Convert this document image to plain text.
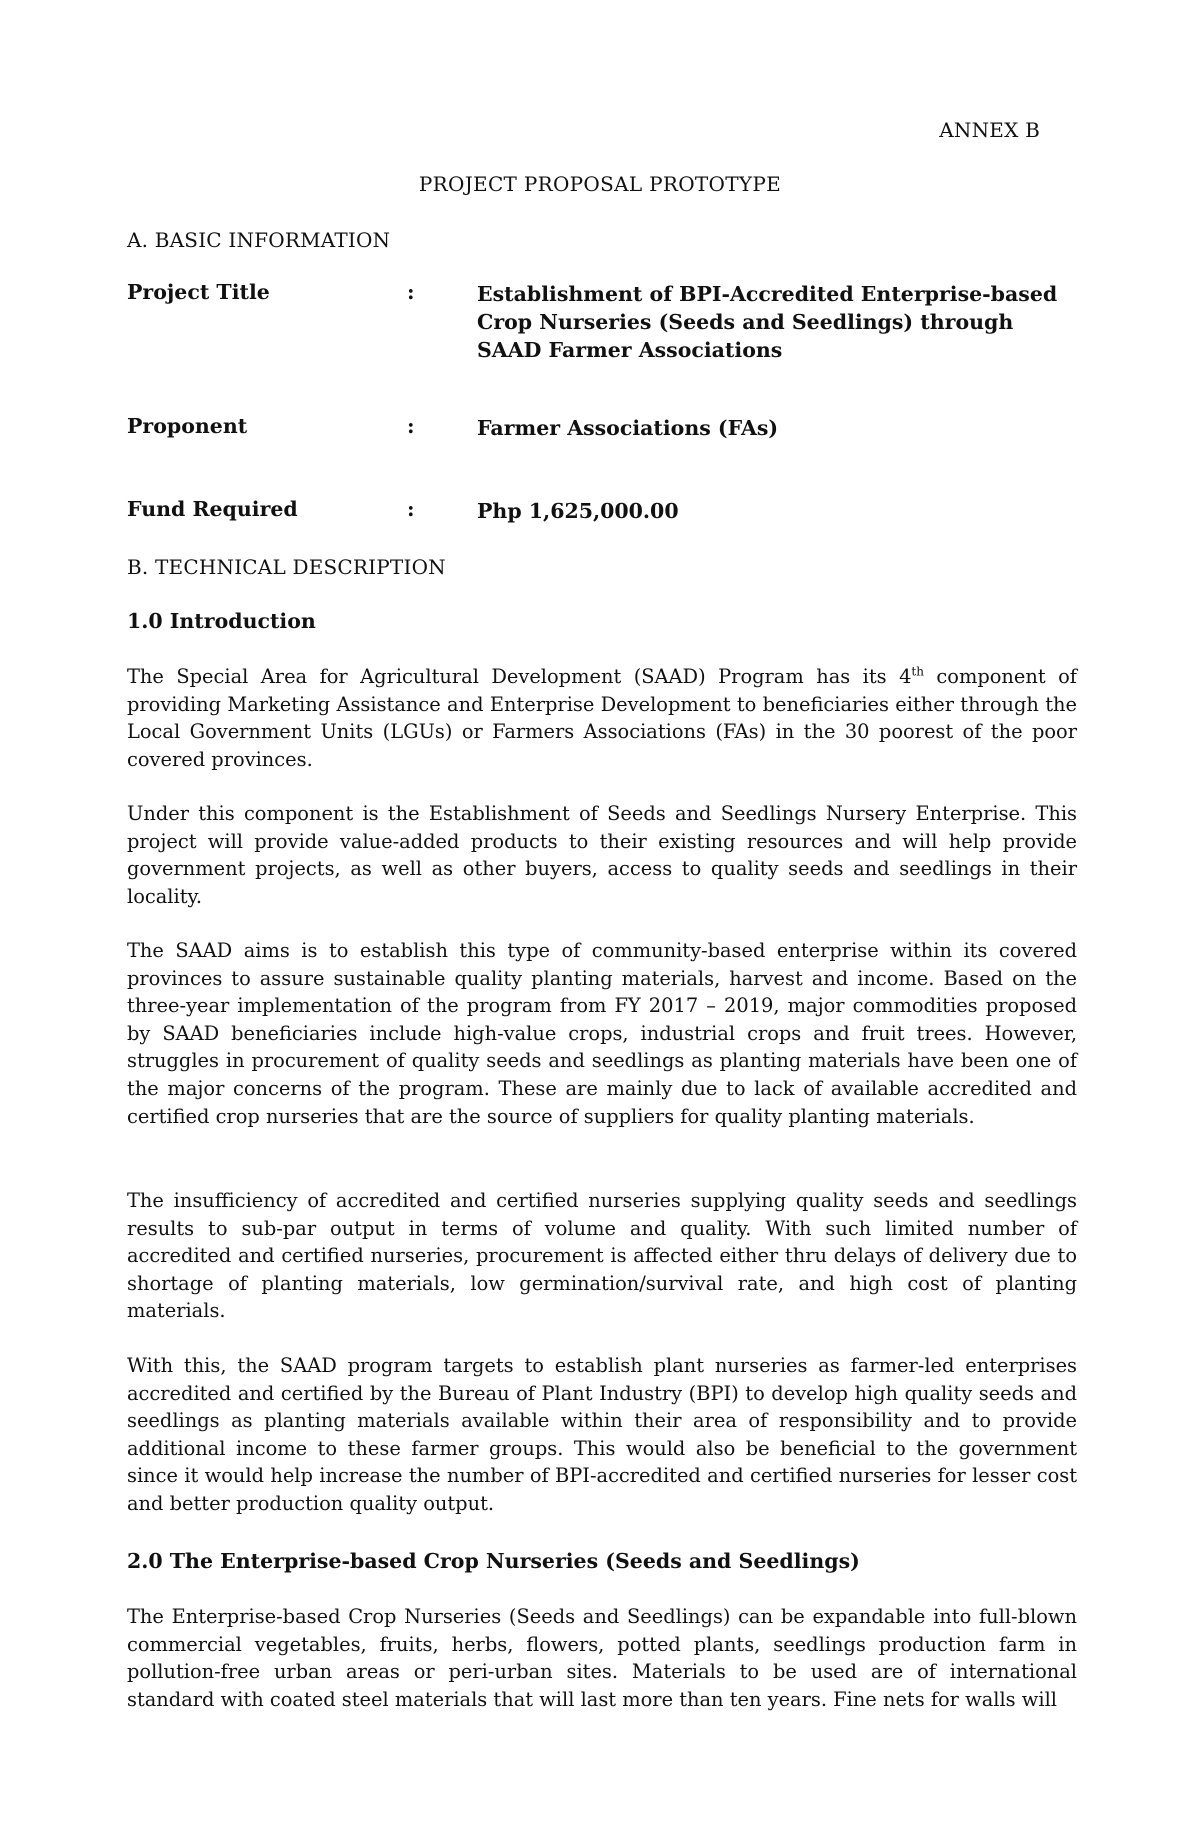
ANNEX B
PROJECT PROPOSAL PROTOTYPE
A. BASIC INFORMATION
Project Title	:	Establishment of BPI-Accredited Enterprise-based Crop Nurseries (Seeds and Seedlings) through SAAD Farmer Associations
Proponent	:	Farmer Associations (FAs)
Fund Required	:	Php 1,625,000.00
B. TECHNICAL DESCRIPTION
1.0 Introduction

The Special Area for Agricultural Development (SAAD) Program has its 4th component of providing Marketing Assistance and Enterprise Development to beneficiaries either through the Local Government Units (LGUs) or Farmers Associations (FAs) in the 30 poorest of the poor covered provinces.

Under this component is the Establishment of Seeds and Seedlings Nursery Enterprise. This project will provide value-added products to their existing resources and will help provide government projects, as well as other buyers, access to quality seeds and seedlings in their locality.

The SAAD aims is to establish this type of community-based enterprise within its covered provinces to assure sustainable quality planting materials, harvest and income. Based on the three-year implementation of the program from FY 2017 – 2019, major commodities proposed by SAAD beneficiaries include high-value crops, industrial crops and fruit trees. However, struggles in procurement of quality seeds and seedlings as planting materials have been one of the major concerns of the program. These are mainly due to lack of available accredited and certified crop nurseries that are the source of suppliers for quality planting materials.

The insufficiency of accredited and certified nurseries supplying quality seeds and seedlings results to sub-par output in terms of volume and quality. With such limited number of accredited and certified nurseries, procurement is affected either thru delays of delivery due to shortage of planting materials, low germination/survival rate, and high cost of planting materials.

With this, the SAAD program targets to establish plant nurseries as farmer-led enterprises accredited and certified by the Bureau of Plant Industry (BPI) to develop high quality seeds and seedlings as planting materials available within their area of responsibility and to provide additional income to these farmer groups. This would also be beneficial to the government since it would help increase the number of BPI-accredited and certified nurseries for lesser cost and better production quality output.

2.0 The Enterprise-based Crop Nurseries (Seeds and Seedlings)

The Enterprise-based Crop Nurseries (Seeds and Seedlings) can be expandable into full-blown commercial vegetables, fruits, herbs, flowers, potted plants, seedlings production farm in pollution-free urban areas or peri-urban sites. Materials to be used are of international standard with coated steel materials that will last more than ten years. Fine nets for walls will
